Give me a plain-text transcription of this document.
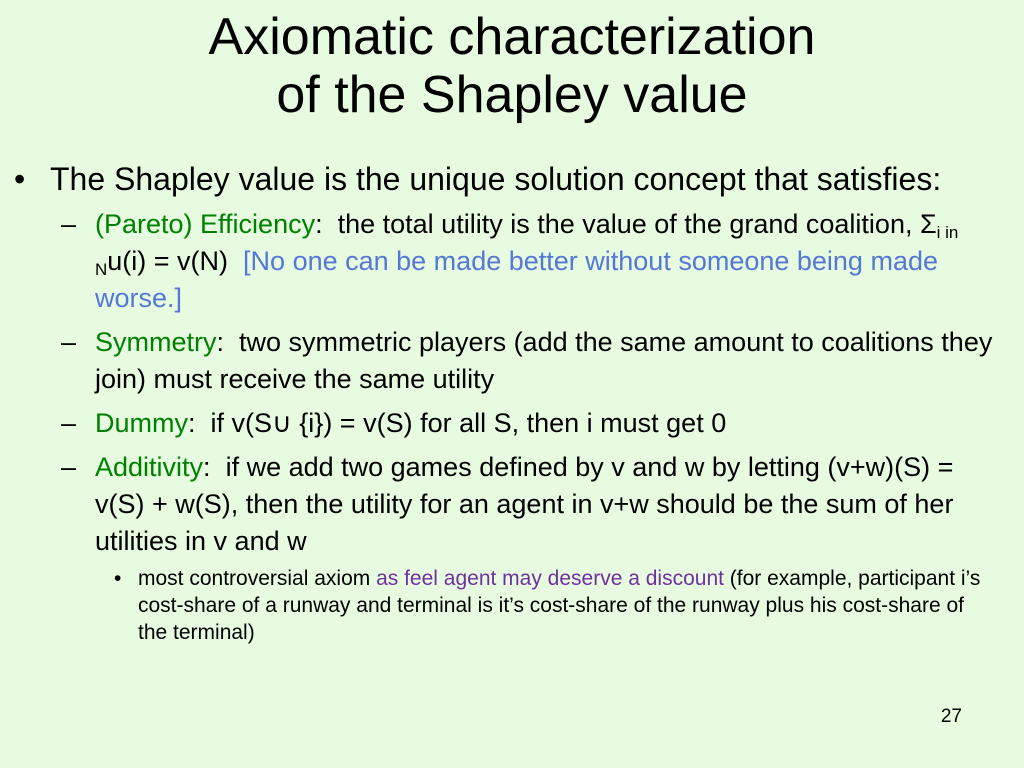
Axiomatic characterization
of the Shapley value
• The Shapley value is the unique solution concept that satisfies:
– (Pareto) Efficiency:  the total utility is the value of the grand coalition, $\Sigma_{i in N}u(i) = v(N)$  [No one can be made better without someone being made worse.]
– Symmetry:  two symmetric players (add the same amount to coalitions they join) must receive the same utility
– Dummy:  if v(S∪ {i}) = v(S) for all S, then i must get 0
– Additivity:  if we add two games defined by v and w by letting (v+w)(S) = v(S) + w(S), then the utility for an agent in v+w should be the sum of her utilities in v and w
• most controversial axiom as feel agent may deserve a discount (for example, participant i’s cost-share of a runway and terminal is it’s cost-share of the runway plus his cost-share of the terminal)
27
